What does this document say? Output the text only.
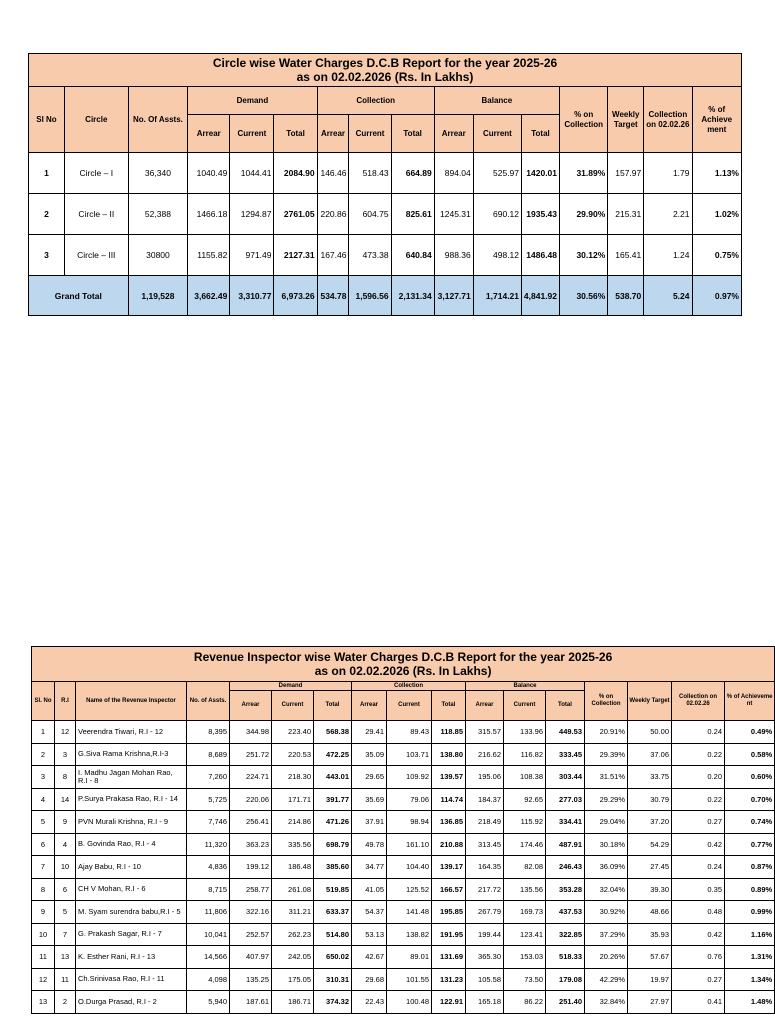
Circle wise Water Charges D.C.B Report for the year 2025-26
as on 02.02.2026 (Rs. In Lakhs)															

Sl No	Circle	No. Of Assts.	Demand			Collection			Balance			% on Collection	Weekly Target	Collection on 02.02.26	% of Achieve ment
			Arrear	Current	Total	Arrear	Current	Total	Arrear	Current	Total				
1	Circle – I	36,340	1040.49	1044.41	2084.90	146.46	518.43	664.89	894.04	525.97	1420.01	31.89%	157.97	1.79	1.13%
2	Circle – II	52,388	1466.18	1294.87	2761.05	220.86	604.75	825.61	1245.31	690.12	1935.43	29.90%	215.31	2.21	1.02%
3	Circle – III	30800	1155.82	971.49	2127.31	167.46	473.38	640.84	988.36	498.12	1486.48	30.12%	165.41	1.24	0.75%
Grand Total		1,19,528	3,662.49	3,310.77	6,973.26	534.78	1,596.56	2,131.34	3,127.71	1,714.21	4,841.92	30.56%	538.70	5.24	0.97%
Revenue Inspector wise Water Charges D.C.B Report for the year 2025-26
as on 02.02.2026 (Rs. In Lakhs)																

Sl. No	R.I	Name of the Revenue Inspector	No. of Assts.	Demand			Collection			Balance			% on Collection	Weekly Target	Collection on 02.02.26	% of Achieveme nt
				Arrear	Current	Total	Arrear	Current	Total	Arrear	Current	Total				
1	12	Veerendra Tiwari, R.I - 12	8,395	344.98	223.40	568.38	29.41	89.43	118.85	315.57	133.96	449.53	20.91%	50.00	0.24	0.49%
2	3	G.Siva Rama Krishna,R.I-3	8,689	251.72	220.53	472.25	35.09	103.71	138.80	216.62	116.82	333.45	29.39%	37.06	0.22	0.58%
3	8	I. Madhu Jagan Mohan Rao, R.I - 8	7,260	224.71	218.30	443.01	29.65	109.92	139.57	195.06	108.38	303.44	31.51%	33.75	0.20	0.60%
4	14	P.Surya Prakasa Rao, R.I - 14	5,725	220.06	171.71	391.77	35.69	79.06	114.74	184.37	92.65	277.03	29.29%	30.79	0.22	0.70%
5	9	PVN Murali Krishna, R.I - 9	7,746	256.41	214.86	471.26	37.91	98.94	136.85	218.49	115.92	334.41	29.04%	37.20	0.27	0.74%
6	4	B. Govinda Rao, R.I - 4	11,320	363.23	335.56	698.79	49.78	161.10	210.88	313.45	174.46	487.91	30.18%	54.29	0.42	0.77%
7	10	Ajay Babu, R.I - 10	4,836	199.12	186.48	385.60	34.77	104.40	139.17	164.35	82.08	246.43	36.09%	27.45	0.24	0.87%
8	6	CH V Mohan, R.I - 6	8,715	258.77	261.08	519.85	41.05	125.52	166.57	217.72	135.56	353.28	32.04%	39.30	0.35	0.89%
9	5	M. Syam surendra babu,R.I - 5	11,806	322.16	311.21	633.37	54.37	141.48	195.85	267.79	169.73	437.53	30.92%	48.66	0.48	0.99%
10	7	G. Prakash Sagar, R.I - 7	10,041	252.57	262.23	514.80	53.13	138.82	191.95	199.44	123.41	322.85	37.29%	35.93	0.42	1.16%
11	13	K. Esther Rani, R.I - 13	14,566	407.97	242.05	650.02	42.67	89.01	131.69	365.30	153.03	518.33	20.26%	57.67	0.76	1.31%
12	11	Ch.Srinivasa Rao, R.I - 11	4,098	135.25	175.05	310.31	29.68	101.55	131.23	105.58	73.50	179.08	42.29%	19.97	0.27	1.34%
13	2	O.Durga Prasad, R.I - 2	5,940	187.61	186.71	374.32	22.43	100.48	122.91	165.18	86.22	251.40	32.84%	27.97	0.41	1.48%
